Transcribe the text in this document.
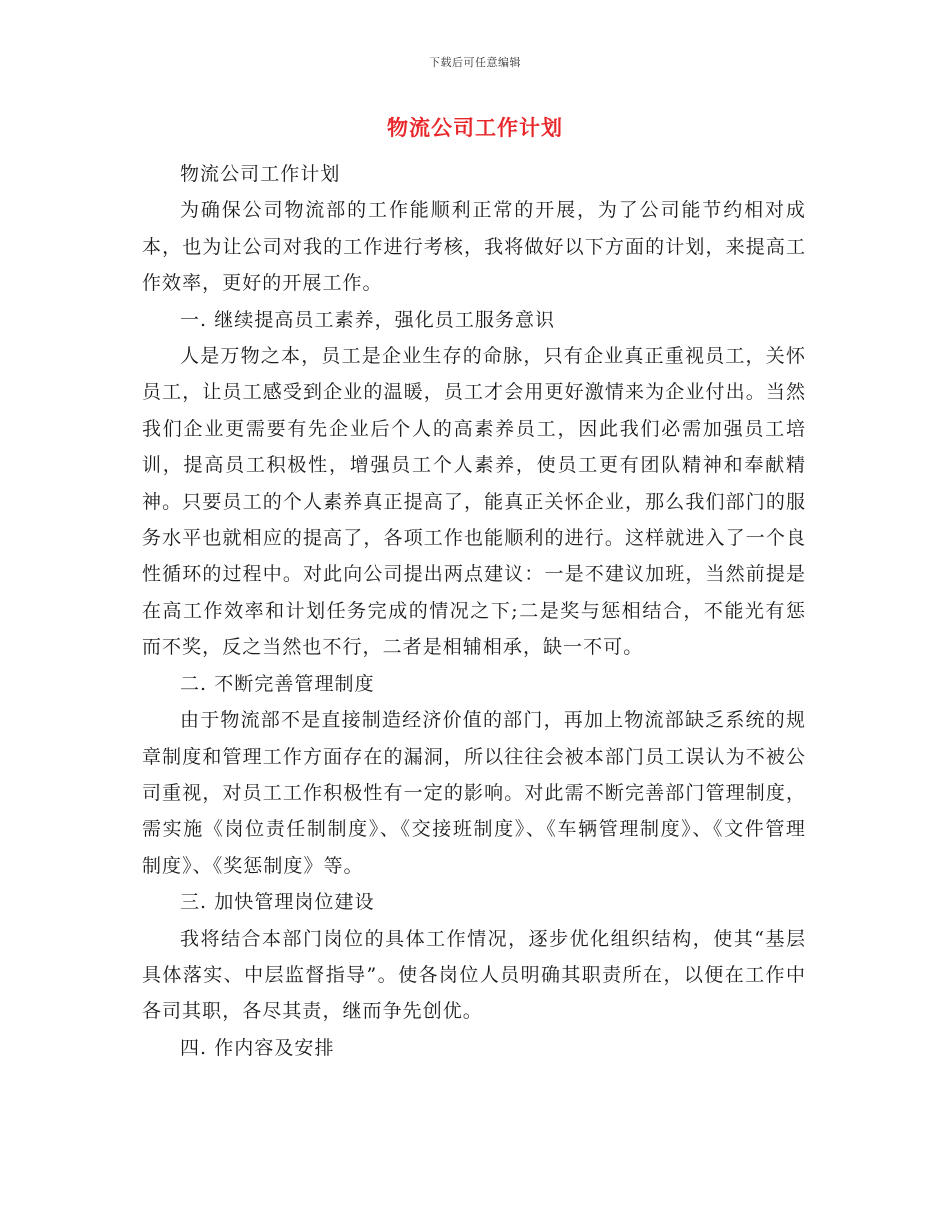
下载后可任意编辑
物流公司工作计划

物流公司工作计划

为确保公司物流部的工作能顺利正常的开展，为了公司能节约相对成本，也为让公司对我的工作进行考核，我将做好以下方面的计划，来提高工作效率，更好的开展工作。

一. 继续提高员工素养，强化员工服务意识

人是万物之本，员工是企业生存的命脉，只有企业真正重视员工，关怀员工，让员工感受到企业的温暖，员工才会用更好激情来为企业付出。当然我们企业更需要有先企业后个人的高素养员工，因此我们必需加强员工培训，提高员工积极性，增强员工个人素养，使员工更有团队精神和奉献精神。只要员工的个人素养真正提高了，能真正关怀企业，那么我们部门的服务水平也就相应的提高了，各项工作也能顺利的进行。这样就进入了一个良性循环的过程中。对此向公司提出两点建议：一是不建议加班，当然前提是在高工作效率和计划任务完成的情况之下;二是奖与惩相结合，不能光有惩而不奖，反之当然也不行，二者是相辅相承，缺一不可。

二. 不断完善管理制度

由于物流部不是直接制造经济价值的部门，再加上物流部缺乏系统的规章制度和管理工作方面存在的漏洞，所以往往会被本部门员工误认为不被公司重视，对员工工作积极性有一定的影响。对此需不断完善部门管理制度，需实施《岗位责任制制度》、《交接班制度》、《车辆管理制度》、《文件管理制度》、《奖惩制度》等。

三. 加快管理岗位建设

我将结合本部门岗位的具体工作情况，逐步优化组织结构，使其“基层具体落实、中层监督指导”。使各岗位人员明确其职责所在，以便在工作中各司其职，各尽其责，继而争先创优。

四. 作内容及安排
